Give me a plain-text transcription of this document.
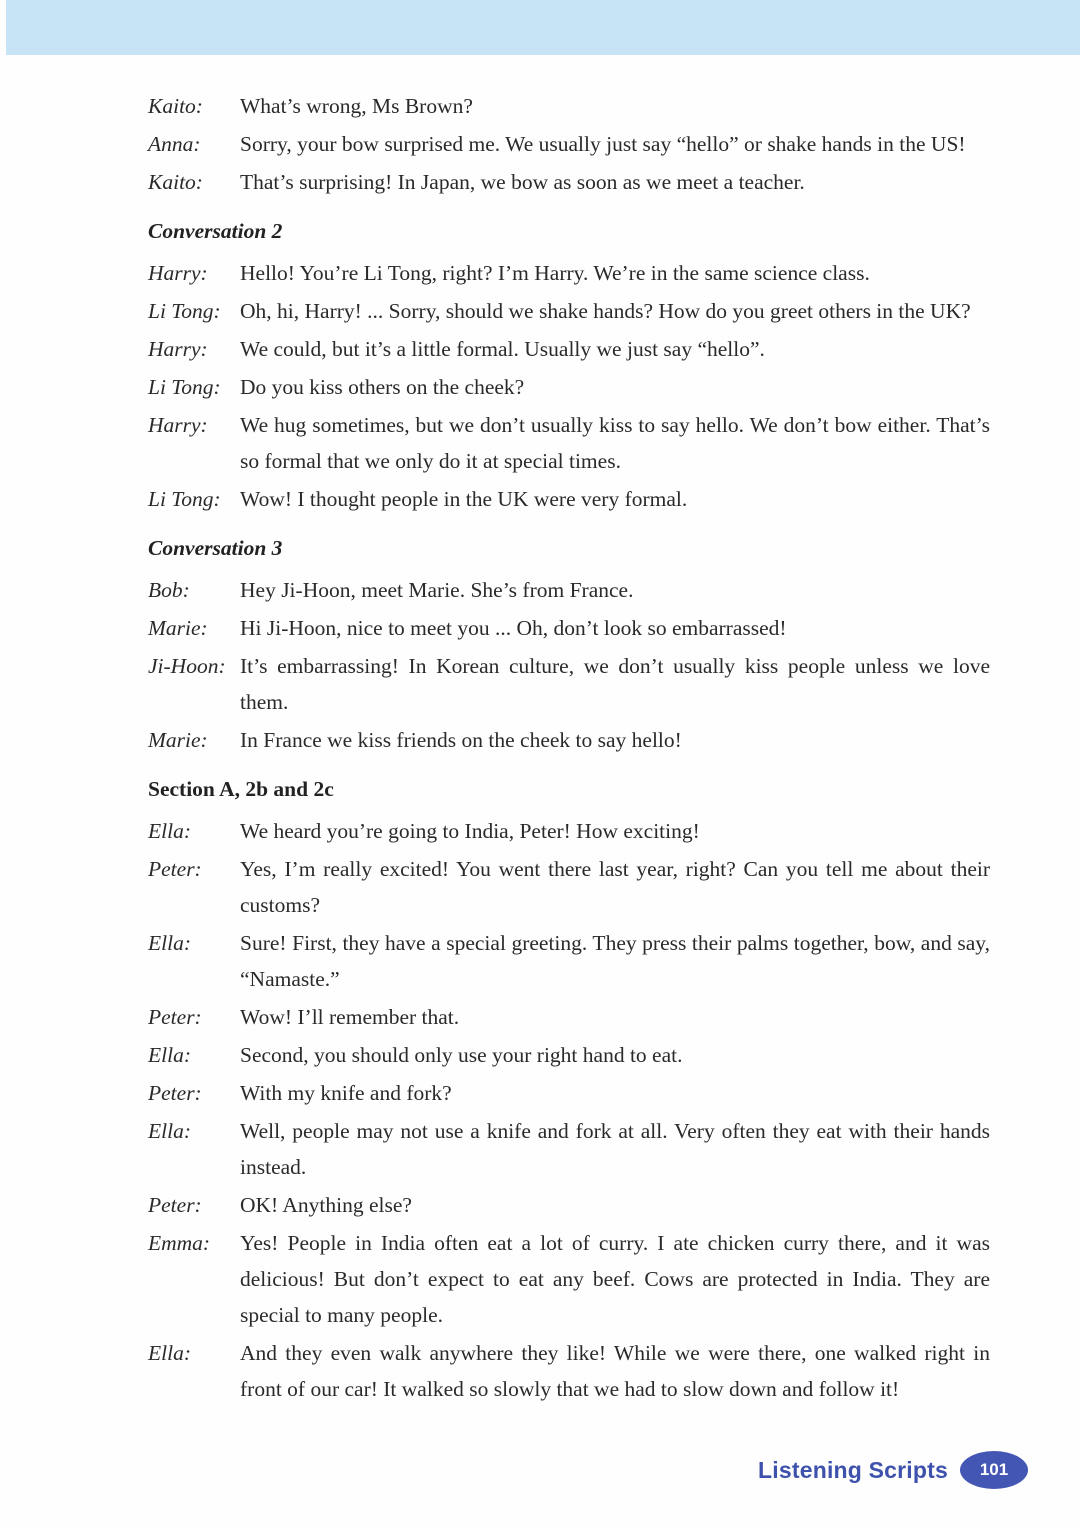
Kaito:	What’s wrong, Ms Brown?
Anna:	Sorry, your bow surprised me. We usually just say “hello” or shake hands in the US!
Kaito:	That’s surprising! In Japan, we bow as soon as we meet a teacher.
Conversation 2
Harry:	Hello! You’re Li Tong, right? I’m Harry. We’re in the same science class.
Li Tong: Oh, hi, Harry! ... Sorry, should we shake hands? How do you greet others in the UK?
Harry:	We could, but it’s a little formal. Usually we just say “hello”.
Li Tong: Do you kiss others on the cheek?
Harry:	We hug sometimes, but we don’t usually kiss to say hello. We don’t bow either. That’s so formal that we only do it at special times.
Li Tong: Wow! I thought people in the UK were very formal.
Conversation 3
Bob:	Hey Ji-Hoon, meet Marie. She’s from France.
Marie:	Hi Ji-Hoon, nice to meet you ... Oh, don’t look so embarrassed!
Ji-Hoon: It’s embarrassing! In Korean culture, we don’t usually kiss people unless we love them.
Marie:	In France we kiss friends on the cheek to say hello!
Section A, 2b and 2c
Ella:	We heard you’re going to India, Peter! How exciting!
Peter:	Yes, I’m really excited! You went there last year, right? Can you tell me about their customs?
Ella:	Sure! First, they have a special greeting. They press their palms together, bow, and say, “Namaste.”
Peter:	Wow! I’ll remember that.
Ella:	Second, you should only use your right hand to eat.
Peter:	With my knife and fork?
Ella:	Well, people may not use a knife and fork at all. Very often they eat with their hands instead.
Peter:	OK! Anything else?
Emma:	Yes! People in India often eat a lot of curry. I ate chicken curry there, and it was delicious! But don’t expect to eat any beef. Cows are protected in India. They are special to many people.
Ella:	And they even walk anywhere they like! While we were there, one walked right in front of our car! It walked so slowly that we had to slow down and follow it!
Listening Scripts	101
